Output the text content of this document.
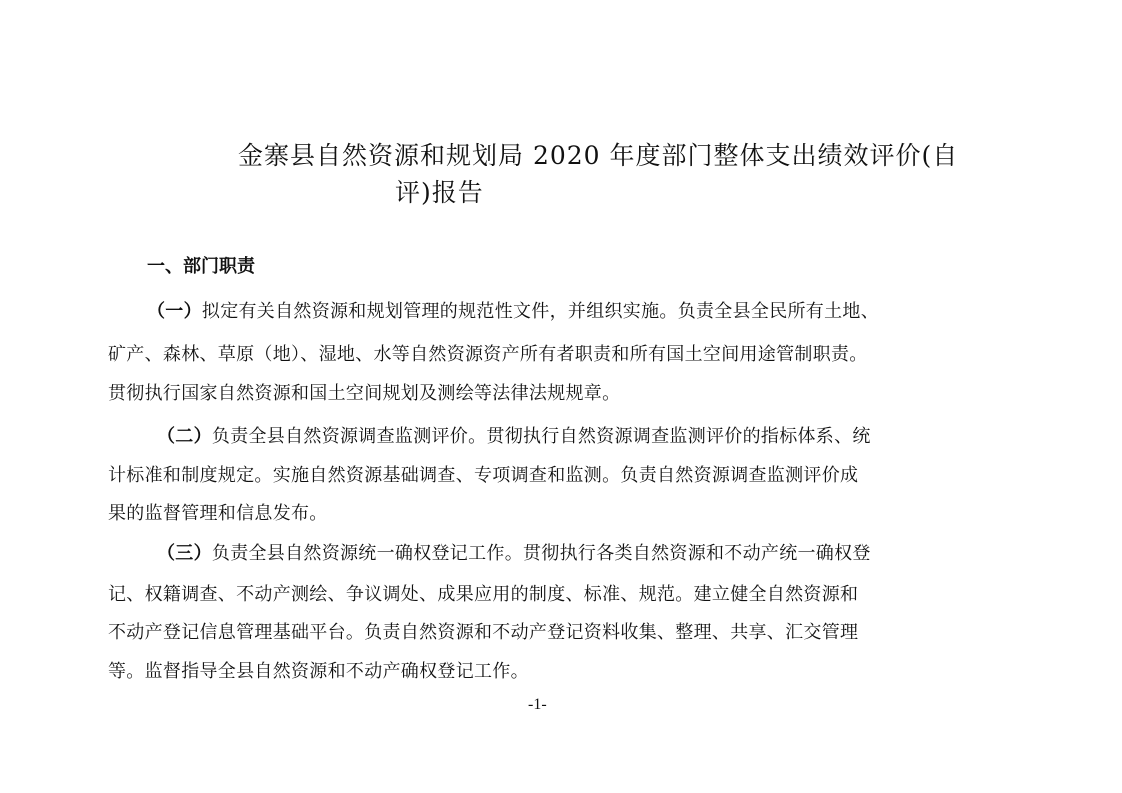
金寨县自然资源和规划局 2020 年度部门整体支出绩效评价(自
评)报告
一、部门职责
（一）拟定有关自然资源和规划管理的规范性文件，并组织实施。负责全县全民所有土地、
矿产、森林、草原（地）、湿地、水等自然资源资产所有者职责和所有国土空间用途管制职责。
贯彻执行国家自然资源和国土空间规划及测绘等法律法规规章。
（二）负责全县自然资源调查监测评价。贯彻执行自然资源调查监测评价的指标体系、统
计标准和制度规定。实施自然资源基础调查、专项调查和监测。负责自然资源调查监测评价成
果的监督管理和信息发布。
（三）负责全县自然资源统一确权登记工作。贯彻执行各类自然资源和不动产统一确权登
记、权籍调查、不动产测绘、争议调处、成果应用的制度、标准、规范。建立健全自然资源和
不动产登记信息管理基础平台。负责自然资源和不动产登记资料收集、整理、共享、汇交管理
等。监督指导全县自然资源和不动产确权登记工作。
-1-
